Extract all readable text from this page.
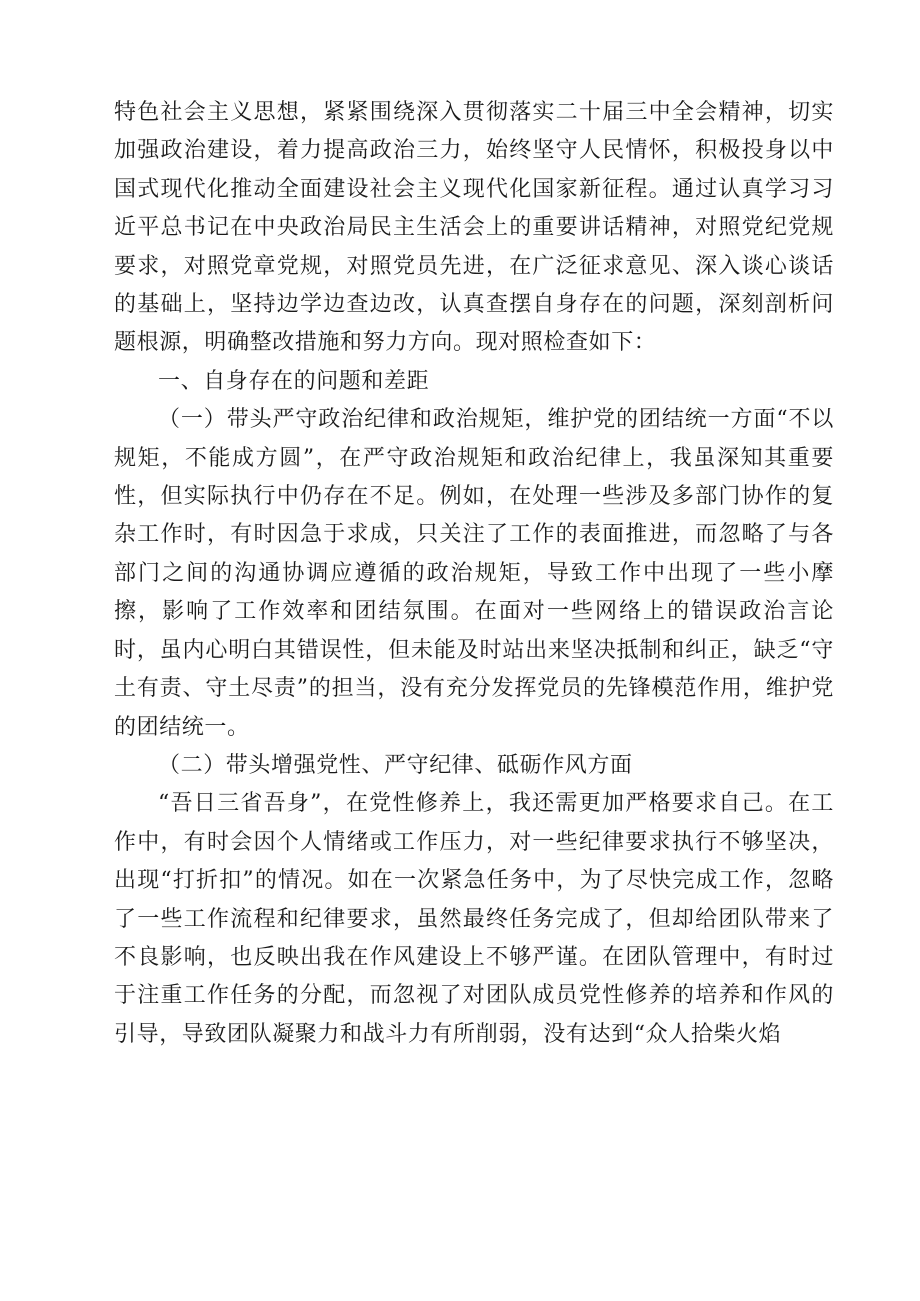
特色社会主义思想，紧紧围绕深入贯彻落实二十届三中全会精神，切实加强政治建设，着力提高政治三力，始终坚守人民情怀，积极投身以中国式现代化推动全面建设社会主义现代化国家新征程。通过认真学习习近平总书记在中央政治局民主生活会上的重要讲话精神，对照党纪党规要求，对照党章党规，对照党员先进，在广泛征求意见、深入谈心谈话的基础上，坚持边学边查边改，认真查摆自身存在的问题，深刻剖析问题根源，明确整改措施和努力方向。现对照检查如下：

一、自身存在的问题和差距

（一）带头严守政治纪律和政治规矩，维护党的团结统一方面“不以规矩，不能成方圆”，在严守政治规矩和政治纪律上，我虽深知其重要性，但实际执行中仍存在不足。例如，在处理一些涉及多部门协作的复杂工作时，有时因急于求成，只关注了工作的表面推进，而忽略了与各部门之间的沟通协调应遵循的政治规矩，导致工作中出现了一些小摩擦，影响了工作效率和团结氛围。在面对一些网络上的错误政治言论时，虽内心明白其错误性，但未能及时站出来坚决抵制和纠正，缺乏“守土有责、守土尽责”的担当，没有充分发挥党员的先锋模范作用，维护党的团结统一。

（二）带头增强党性、严守纪律、砥砺作风方面

“吾日三省吾身”，在党性修养上，我还需更加严格要求自己。在工作中，有时会因个人情绪或工作压力，对一些纪律要求执行不够坚决，出现“打折扣”的情况。如在一次紧急任务中，为了尽快完成工作，忽略了一些工作流程和纪律要求，虽然最终任务完成了，但却给团队带来了不良影响，也反映出我在作风建设上不够严谨。在团队管理中，有时过于注重工作任务的分配，而忽视了对团队成员党性修养的培养和作风的引导，导致团队凝聚力和战斗力有所削弱，没有达到“众人拾柴火焰
